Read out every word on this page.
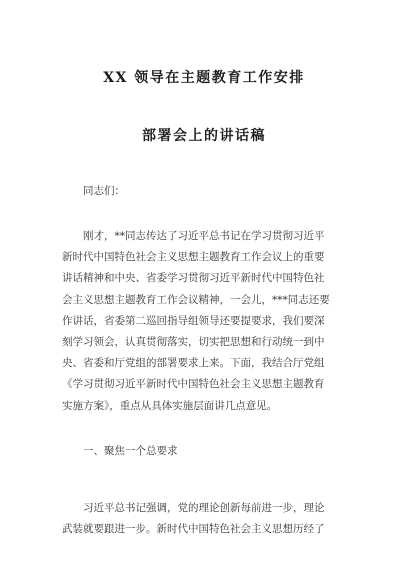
XX 领导在主题教育工作安排
部署会上的讲话稿
同志们：
刚才，**同志传达了习近平总书记在学习贯彻习近平
新时代中国特色社会主义思想主题教育工作会议上的重要
讲话精神和中央、省委学习贯彻习近平新时代中国特色社
会主义思想主题教育工作会议精神，一会儿，***同志还要
作讲话，省委第二巡回指导组领导还要提要求，我们要深
刻学习领会，认真贯彻落实，切实把思想和行动统一到中
央、省委和厅党组的部署要求上来。下面，我结合厅党组
《学习贯彻习近平新时代中国特色社会主义思想主题教育
实施方案》，重点从具体实施层面讲几点意见。
一、聚焦一个总要求
习近平总书记强调，党的理论创新每前进一步，理论
武装就要跟进一步。新时代中国特色社会主义思想历经了
